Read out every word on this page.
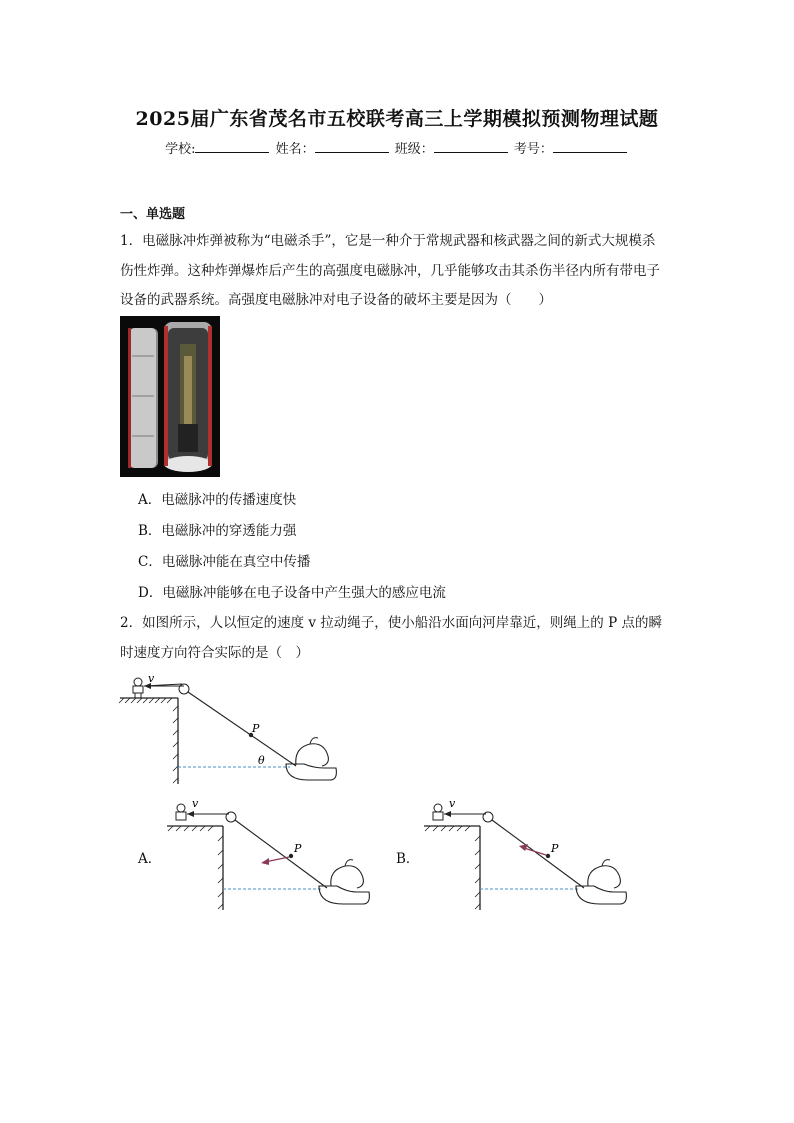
2025届广东省茂名市五校联考高三上学期模拟预测物理试题
学校:	姓名：	班级：	考号：
一、单选题
1．电磁脉冲炸弹被称为“电磁杀手”，它是一种介于常规武器和核武器之间的新式大规模杀
伤性炸弹。这种炸弹爆炸后产生的高强度电磁脉冲，几乎能够攻击其杀伤半径内所有带电子
设备的武器系统。高强度电磁脉冲对电子设备的破坏主要是因为（　　）
A．电磁脉冲的传播速度快
B．电磁脉冲的穿透能力强
C．电磁脉冲能在真空中传播
D．电磁脉冲能够在电子设备中产生强大的感应电流
2．如图所示，人以恒定的速度 v 拉动绳子，使小船沿水面向河岸靠近，则绳上的 P 点的瞬
时速度方向符合实际的是（　）
P
v
θ
A．
v
P
B．
v
P
